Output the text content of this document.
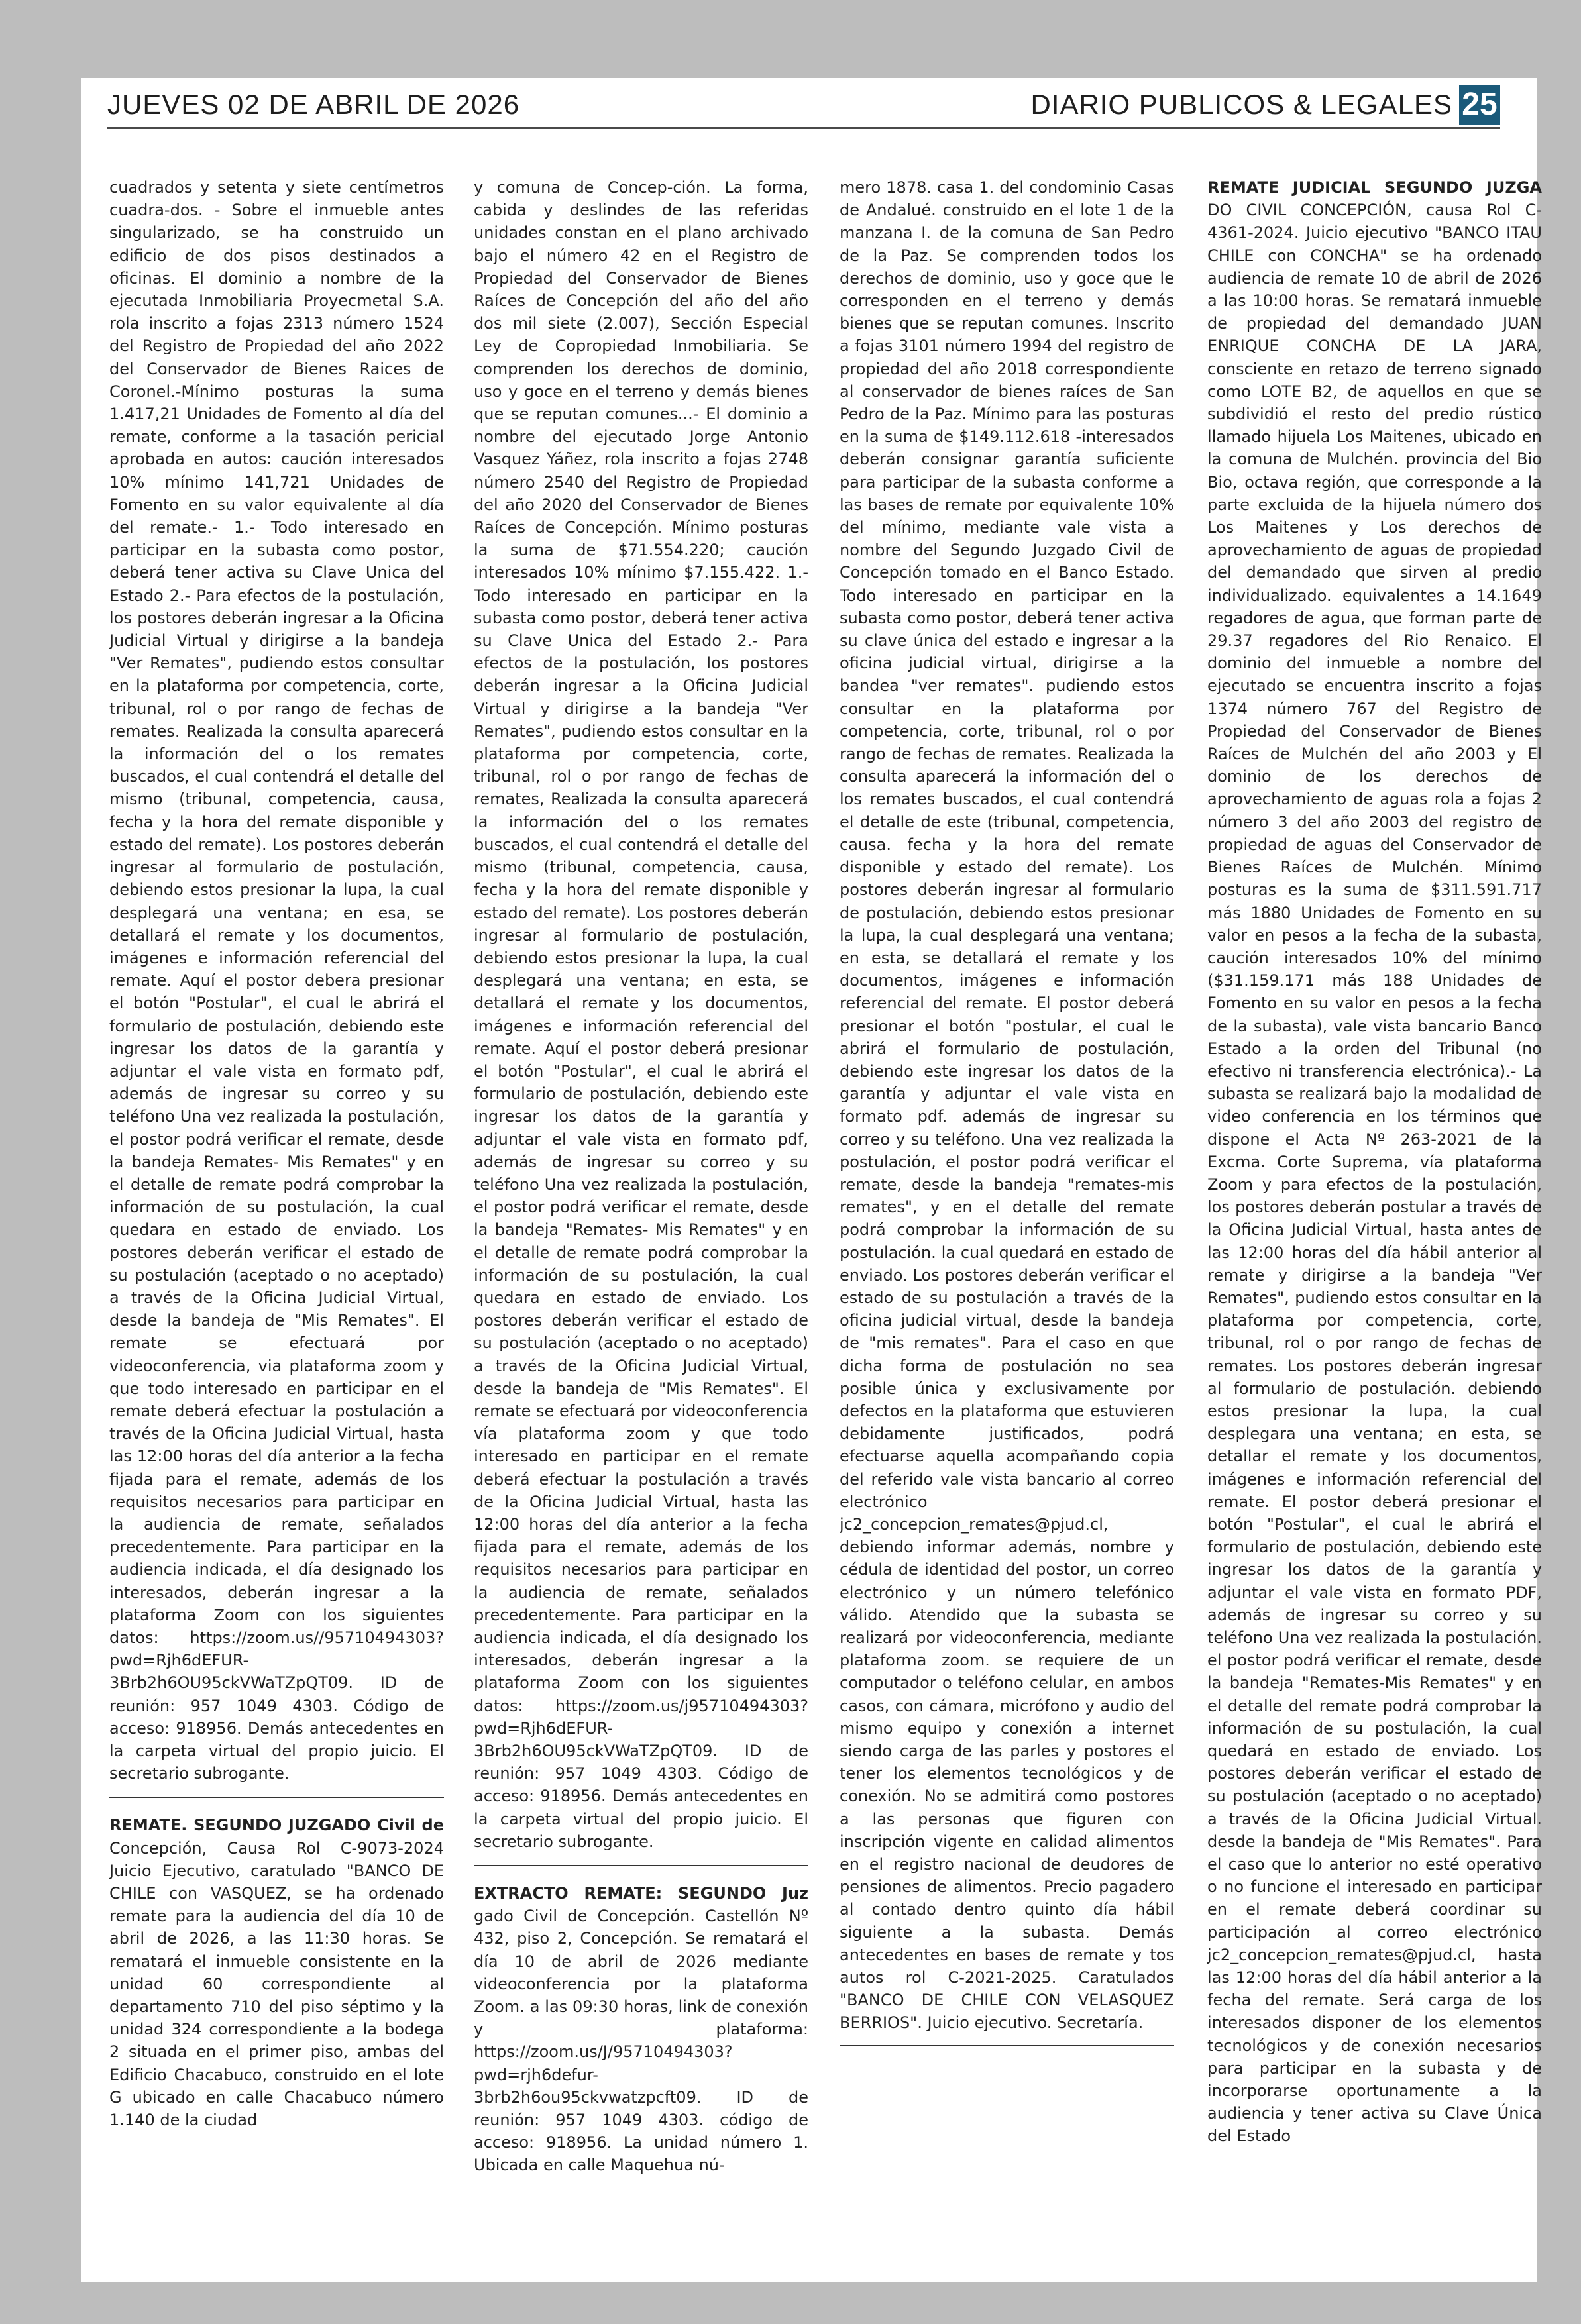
JUEVES 02 DE ABRIL DE 2026	DIARIO PUBLICOS & LEGALES 25

cuadrados y setenta y siete centímetros cuadra-dos. - Sobre el inmueble antes singularizado, se ha construido un edificio de dos pisos destinados a oficinas. El dominio a nombre de la ejecutada Inmobiliaria Proyecmetal S.A. rola inscrito a fojas 2313 número 1524 del Registro de Propiedad del año 2022 del Conservador de Bienes Raices de Coronel.-Mínimo posturas la suma 1.417,21 Unidades de Fomento al día del remate, conforme a la tasación pericial aprobada en autos: caución interesados 10% mínimo 141,721 Unidades de Fomento en su valor equivalente al día del remate.- 1.- Todo interesado en participar en la subasta como postor, deberá tener activa su Clave Unica del Estado 2.- Para efectos de la postulación, los postores deberán ingresar a la Oficina Judicial Virtual y dirigirse a la bandeja "Ver Remates", pudiendo estos consultar en la plataforma por competencia, corte, tribunal, rol o por rango de fechas de remates. Realizada la consulta aparecerá la información del o los remates buscados, el cual contendrá el detalle del mismo (tribunal, competencia, causa, fecha y la hora del remate disponible y estado del remate). Los postores deberán ingresar al formulario de postulación, debiendo estos presionar la lupa, la cual desplegará una ventana; en esa, se detallará el remate y los documentos, imágenes e información referencial del remate. Aquí el postor debera presionar el botón "Postular", el cual le abrirá el formulario de postulación, debiendo este ingresar los datos de la garantía y adjuntar el vale vista en formato pdf, además de ingresar su correo y su teléfono Una vez realizada la postulación, el postor podrá verificar el remate, desde la bandeja Remates- Mis Remates" y en el detalle de remate podrá comprobar la información de su postulación, la cual quedara en estado de enviado. Los postores deberán verificar el estado de su postulación (aceptado o no aceptado) a través de la Oficina Judicial Virtual, desde la bandeja de "Mis Remates". El remate se efectuará por videoconferencia, via plataforma zoom y que todo interesado en participar en el remate deberá efectuar la postulación a través de la Oficina Judicial Virtual, hasta las 12:00 horas del día anterior a la fecha fijada para el remate, además de los requisitos necesarios para participar en la audiencia de remate, señalados precedentemente. Para participar en la audiencia indicada, el día designado los interesados, deberán ingresar a la plataforma Zoom con los siguientes datos: https://zoom.us//95710494303?pwd=Rjh6dEFUR-3Brb2h6OU95ckVWaTZpQT09. ID de reunión: 957 1049 4303. Código de acceso: 918956. Demás antecedentes en la carpeta virtual del propio juicio. El secretario subrogante.

REMATE. SEGUNDO JUZGADO Civil de Concepción, Causa Rol C-9073-2024 Juicio Ejecutivo, caratulado "BANCO DE CHILE con VASQUEZ, se ha ordenado remate para la audiencia del día 10 de abril de 2026, a las 11:30 horas. Se rematará el inmueble consistente en la unidad 60 correspondiente al departamento 710 del piso séptimo y la unidad 324 correspondiente a la bodega 2 situada en el primer piso, ambas del Edificio Chacabuco, construido en el lote G ubicado en calle Chacabuco número 1.140 de la ciudad

y comuna de Concep-ción. La forma, cabida y deslindes de las referidas unidades constan en el plano archivado bajo el número 42 en el Registro de Propiedad del Conservador de Bienes Raíces de Concepción del año del año dos mil siete (2.007), Sección Especial Ley de Copropiedad Inmobiliaria. Se comprenden los derechos de dominio, uso y goce en el terreno y demás bienes que se reputan comunes...- El dominio a nombre del ejecutado Jorge Antonio Vasquez Yáñez, rola inscrito a fojas 2748 número 2540 del Registro de Propiedad del año 2020 del Conservador de Bienes Raíces de Concepción. Mínimo posturas la suma de $71.554.220; caución interesados 10% mínimo $7.155.422. 1.- Todo interesado en participar en la subasta como postor, deberá tener activa su Clave Unica del Estado 2.- Para efectos de la postulación, los postores deberán ingresar a la Oficina Judicial Virtual y dirigirse a la bandeja "Ver Remates", pudiendo estos consultar en la plataforma por competencia, corte, tribunal, rol o por rango de fechas de remates, Realizada la consulta aparecerá la información del o los remates buscados, el cual contendrá el detalle del mismo (tribunal, competencia, causa, fecha y la hora del remate disponible y estado del remate). Los postores deberán ingresar al formulario de postulación, debiendo estos presionar la lupa, la cual desplegará una ventana; en esta, se detaIlará el remate y los documentos, imágenes e información referencial del remate. Aquí el postor deberá presionar el botón "Postular", el cual le abrirá el formulario de postulación, debiendo este ingresar los datos de la garantía y adjuntar el vale vista en formato pdf, además de ingresar su correo y su teléfono Una vez realizada la postulación, el postor podrá verificar el remate, desde la bandeja "Remates- Mis Remates" y en el detalle de remate podrá comprobar la información de su postulación, la cual quedara en estado de enviado. Los postores deberán verificar el estado de su postulación (aceptado o no aceptado) a través de la Oficina Judicial Virtual, desde la bandeja de "Mis Remates". El remate se efectuará por videoconferencia vía plataforma zoom y que todo interesado en participar en el remate deberá efectuar la postulación a través de la Oficina Judicial Virtual, hasta las 12:00 horas del día anterior a la fecha fijada para el remate, además de los requisitos necesarios para participar en la audiencia de remate, señalados precedentemente. Para participar en la audiencia indicada, el día designado los interesados, deberán ingresar a la plataforma Zoom con los siguientes datos: https://zoom.us/j95710494303?pwd=Rjh6dEFUR-3Brb2h6OU95ckVWaTZpQT09. ID de reunión: 957 1049 4303. Código de acceso: 918956. Demás antecedentes en la carpeta virtual del propio juicio. El secretario subrogante.

EXTRACTO REMATE: SEGUNDO Juz gado Civil de Concepción. Castellón Nº 432, piso 2, Concepción. Se rematará el día 10 de abril de 2026 mediante videoconferencia por la plataforma Zoom. a las 09:30 horas, link de conexión y plataforma: https://zoom.us/J/95710494303?pwd=rjh6defur-3brb2h6ou95ckvwatzpcft09. ID de reunión: 957 1049 4303. código de acceso: 918956. La unidad número 1. Ubicada en calle Maquehua nú-

mero 1878. casa 1. del condominio Casas de Andalué. construido en el lote 1 de la manzana I. de la comuna de San Pedro de la Paz. Se comprenden todos los derechos de dominio, uso y goce que le corresponden en el terreno y demás bienes que se reputan comunes. Inscrito a fojas 3101 número 1994 del registro de propiedad del año 2018 correspondiente al conservador de bienes raíces de San Pedro de la Paz. Mínimo para las posturas en la suma de $149.112.618 -interesados deberán consignar garantía suficiente para participar de la subasta conforme a las bases de remate por equivalente 10% del mínimo, mediante vale vista a nombre del Segundo Juzgado Civil de Concepción tomado en el Banco Estado. Todo interesado en participar en la subasta como postor, deberá tener activa su clave única del estado e ingresar a la oficina judicial virtual, dirigirse a la bandea "ver remates". pudiendo estos consultar en la plataforma por competencia, corte, tribunal, rol o por rango de fechas de remates. Realizada la consulta aparecerá la información del o los remates buscados, el cual contendrá el detalle de este (tribunal, competencia, causa. fecha y la hora del remate disponible y estado del remate). Los postores deberán ingresar al formulario de postulación, debiendo estos presionar la lupa, la cual desplegará una ventana; en esta, se detallará el remate y los documentos, imágenes e información referencial del remate. El postor deberá presionar el botón "postular, el cual le abrirá el formulario de postulación, debiendo este ingresar los datos de la garantía y adjuntar el vale vista en formato pdf. además de ingresar su correo y su teléfono. Una vez realizada la postulación, el postor podrá verificar el remate, desde la bandeja "remates-mis remates", y en el detalle del remate podrá comprobar la información de su postulación. la cual quedará en estado de enviado. Los postores deberán verificar el estado de su postulación a través de la oficina judicial virtual, desde la bandeja de "mis remates". Para el caso en que dicha forma de postulación no sea posible única y exclusivamente por defectos en la plataforma que estuvieren debidamente justificados, podrá efectuarse aquella acompañando copia del referido vale vista bancario al correo electrónico jc2_concepcion_remates@pjud.cl, debiendo informar además, nombre y cédula de identidad del postor, un correo electrónico y un número telefónico válido. Atendido que la subasta se realizará por videoconferencia, mediante plataforma zoom. se requiere de un computador o teléfono celular, en ambos casos, con cámara, micrófono y audio del mismo equipo y conexión a internet siendo carga de las parles y postores el tener los elementos tecnológicos y de conexión. No se admitirá como postores a las personas que figuren con inscripción vigente en calidad alimentos en el registro nacional de deudores de pensiones de alimentos. Precio pagadero al contado dentro quinto día hábil siguiente a la subasta. Demás antecedentes en bases de remate y tos autos rol C-2021-2025. Caratulados "BANCO DE CHILE CON VELASQUEZ BERRIOS". Juicio ejecutivo. Secretaría.

REMATE JUDICIAL SEGUNDO JUZGA DO CIVIL CONCEPCIÓN, causa Rol C-4361-2024. Juicio ejecutivo "BANCO ITAU CHILE con CONCHA" se ha ordenado audiencia de remate 10 de abril de 2026 a las 10:00 horas. Se rematará inmueble de propiedad del demandado JUAN ENRIQUE CONCHA DE LA JARA, consciente en retazo de terreno signado como LOTE B2, de aquellos en que se subdividió el resto del predio rústico llamado hijuela Los Maitenes, ubicado en la comuna de Mulchén. provincia del Bio Bio, octava región, que corresponde a la parte excluida de la hijuela número dos Los Maitenes y Los derechos de aprovechamiento de aguas de propiedad del demandado que sirven al predio individualizado. equivalentes a 14.1649 regadores de agua, que forman parte de 29.37 regadores del Rio Renaico. El dominio del inmueble a nombre del ejecutado se encuentra inscrito a fojas 1374 número 767 del Registro de Propiedad del Conservador de Bienes Raíces de Mulchén del año 2003 y El dominio de los derechos de aprovechamiento de aguas rola a fojas 2 número 3 del año 2003 del registro de propiedad de aguas del Conservador de Bienes Raíces de Mulchén. Mínimo posturas es la suma de $311.591.717 más 1880 Unidades de Fomento en su valor en pesos a la fecha de la subasta, caución interesados 10% del mínimo ($31.159.171 más 188 Unidades de Fomento en su valor en pesos a la fecha de la subasta), vale vista bancario Banco Estado a la orden del Tribunal (no efectivo ni transferencia electrónica).- La subasta se realizará bajo la modalidad de video conferencia en los términos que dispone el Acta Nº 263-2021 de la Excma. Corte Suprema, vía plataforma Zoom y para efectos de la postulación, los postores deberán postular a través de la Oficina Judicial Virtual, hasta antes de las 12:00 horas del día hábil anterior al remate y dirigirse a la bandeja "Ver Remates", pudiendo estos consultar en la plataforma por competencia, corte, tribunal, rol o por rango de fechas de remates. Los postores deberán ingresar al formulario de postulación. debiendo estos presionar la lupa, la cual desplegara una ventana; en esta, se detallar el remate y los documentos, imágenes e información referencial del remate. El postor deberá presionar el botón "Postular", el cual le abrirá el formulario de postulación, debiendo este ingresar los datos de la garantía y adjuntar el vale vista en formato PDF, además de ingresar su correo y su teléfono Una vez realizada la postulación. el postor podrá verificar el remate, desde la bandeja "Remates-Mis Remates" y en el detalle del remate podrá comprobar la información de su postulación, la cual quedará en estado de enviado. Los postores deberán verificar el estado de su postulación (aceptado o no aceptado) a través de la Oficina Judicial Virtual. desde la bandeja de "Mis Remates". Para el caso que lo anterior no esté operativo o no funcione el interesado en participar en el remate deberá coordinar su participación al correo electrónico jc2_concepcion_remates@pjud.cl, hasta las 12:00 horas del día hábil anterior a la fecha del remate. Será carga de los interesados disponer de los elementos tecnológicos y de conexión necesarios para participar en la subasta y de incorporarse oportunamente a la audiencia y tener activa su Clave Única del Estado
